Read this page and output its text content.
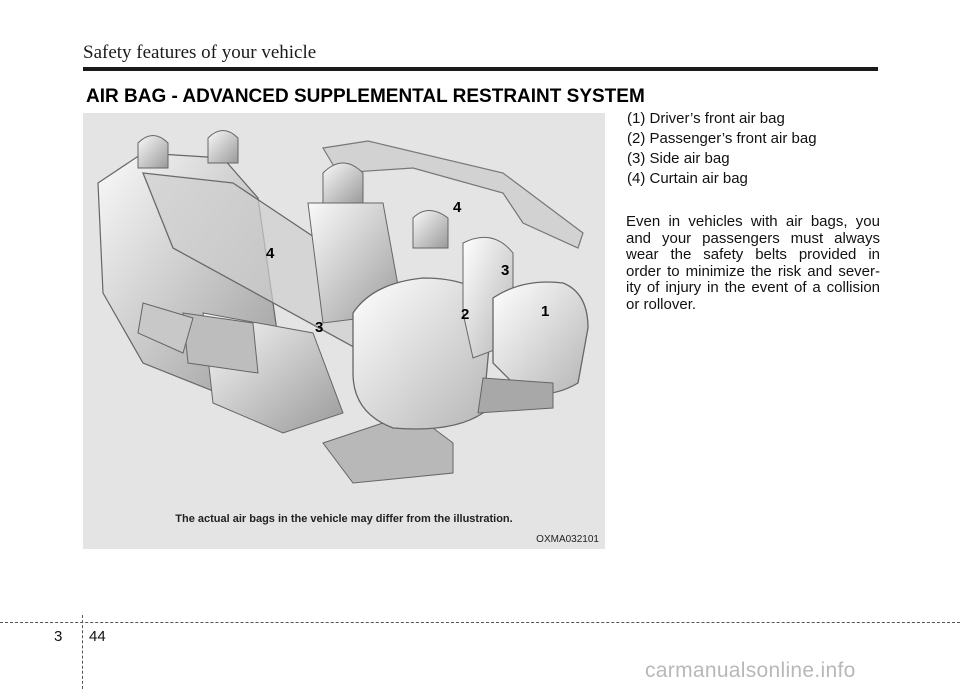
Safety features of your vehicle
AIR BAG - ADVANCED SUPPLEMENTAL RESTRAINT SYSTEM
4
4
3
3
2	1
The actual air bags in the vehicle may differ from the illustration.
OXMA032101
(1) Driver’s front air bag
(2) Passenger’s front air bag
(3) Side air bag
(4) Curtain air bag

Even in vehicles with air bags, you and your passengers must always wear the safety belts provided in order to minimize the risk and sever-ity of injury in the event of a collision or rollover.

3 44
carmanualsonline.info
